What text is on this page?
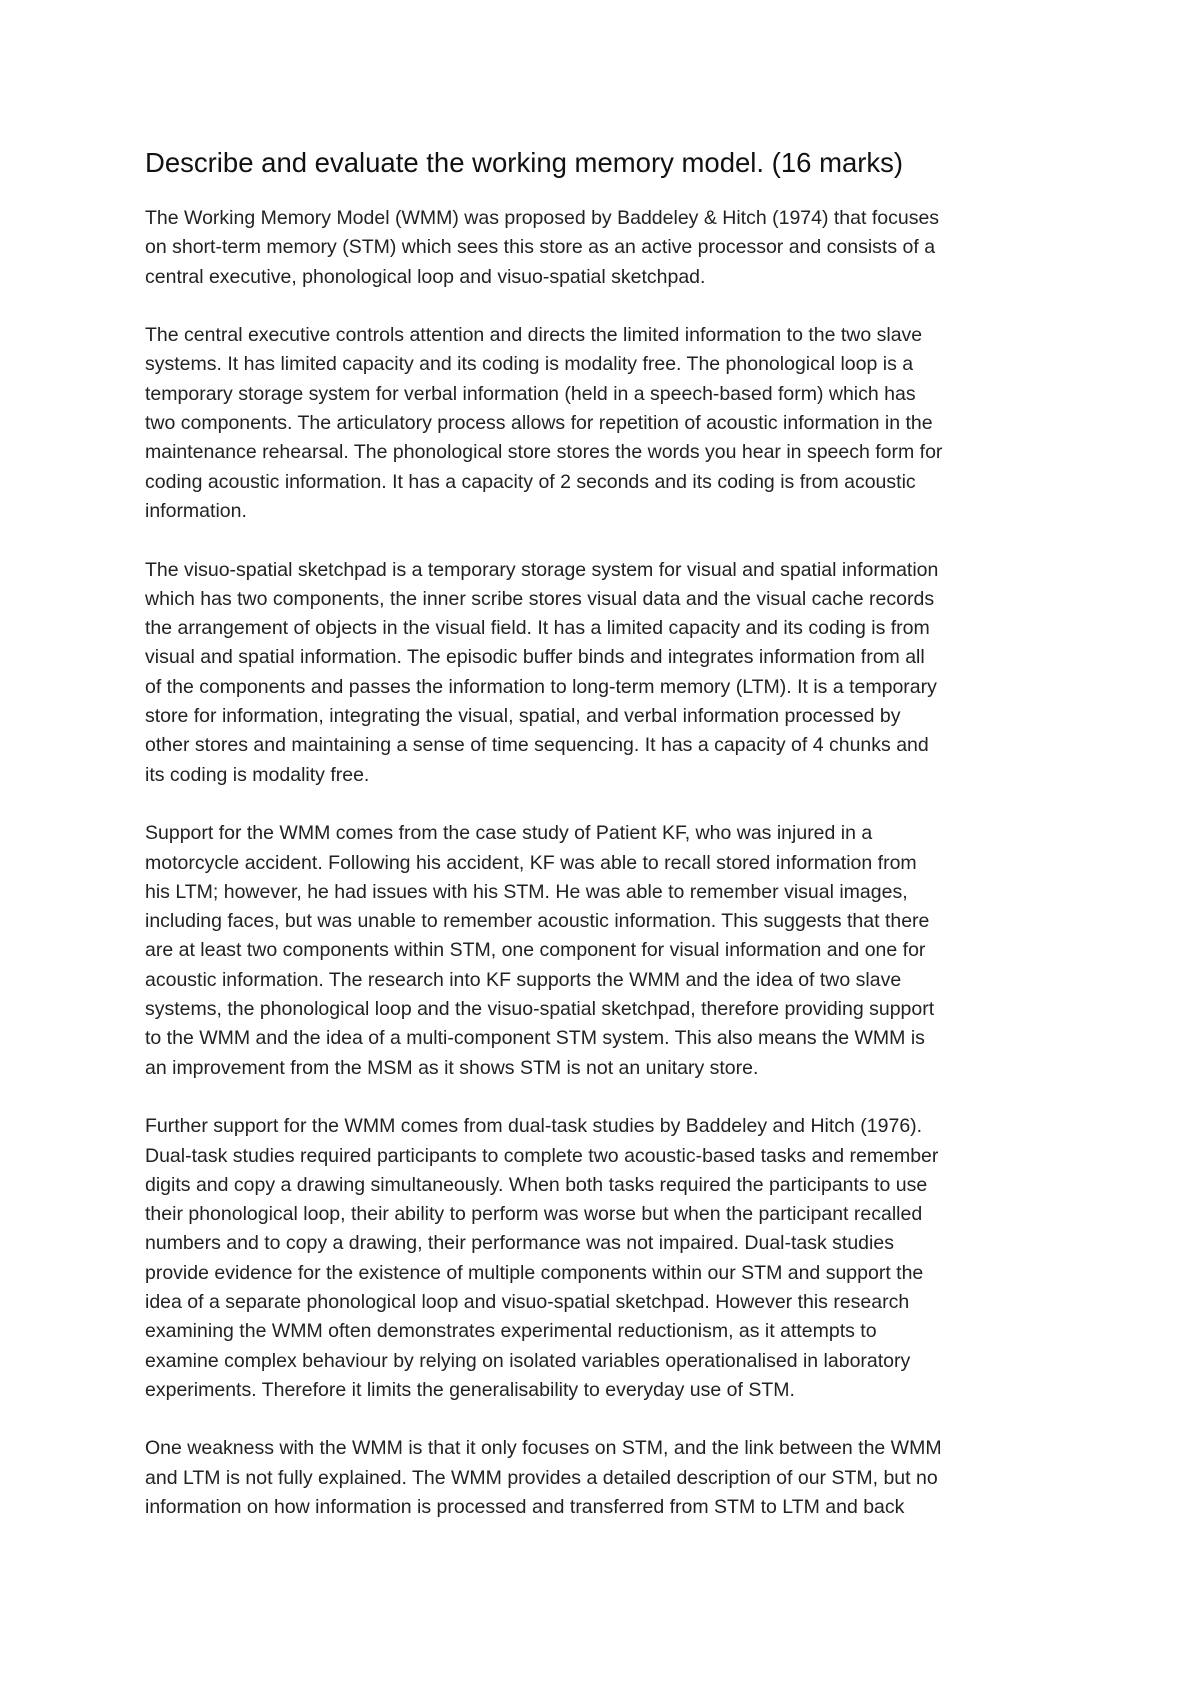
Describe and evaluate the working memory model. (16 marks)

The Working Memory Model (WMM) was proposed by Baddeley & Hitch (1974) that focuses
on short-term memory (STM) which sees this store as an active processor and consists of a
central executive, phonological loop and visuo-spatial sketchpad.

The central executive controls attention and directs the limited information to the two slave
systems. It has limited capacity and its coding is modality free. The phonological loop is a
temporary storage system for verbal information (held in a speech-based form) which has
two components. The articulatory process allows for repetition of acoustic information in the
maintenance rehearsal. The phonological store stores the words you hear in speech form for
coding acoustic information. It has a capacity of 2 seconds and its coding is from acoustic
information.

The visuo-spatial sketchpad is a temporary storage system for visual and spatial information
which has two components, the inner scribe stores visual data and the visual cache records
the arrangement of objects in the visual field. It has a limited capacity and its coding is from
visual and spatial information. The episodic buffer binds and integrates information from all
of the components and passes the information to long-term memory (LTM). It is a temporary
store for information, integrating the visual, spatial, and verbal information processed by
other stores and maintaining a sense of time sequencing. It has a capacity of 4 chunks and
its coding is modality free.

Support for the WMM comes from the case study of Patient KF, who was injured in a
motorcycle accident. Following his accident, KF was able to recall stored information from
his LTM; however, he had issues with his STM. He was able to remember visual images,
including faces, but was unable to remember acoustic information. This suggests that there
are at least two components within STM, one component for visual information and one for
acoustic information. The research into KF supports the WMM and the idea of two slave
systems, the phonological loop and the visuo-spatial sketchpad, therefore providing support
to the WMM and the idea of a multi-component STM system. This also means the WMM is
an improvement from the MSM as it shows STM is not an unitary store.

Further support for the WMM comes from dual-task studies by Baddeley and Hitch (1976).
Dual-task studies required participants to complete two acoustic-based tasks and remember
digits and copy a drawing simultaneously. When both tasks required the participants to use
their phonological loop, their ability to perform was worse but when the participant recalled
numbers and to copy a drawing, their performance was not impaired. Dual-task studies
provide evidence for the existence of multiple components within our STM and support the
idea of a separate phonological loop and visuo-spatial sketchpad. However this research
examining the WMM often demonstrates experimental reductionism, as it attempts to
examine complex behaviour by relying on isolated variables operationalised in laboratory
experiments. Therefore it limits the generalisability to everyday use of STM.

One weakness with the WMM is that it only focuses on STM, and the link between the WMM
and LTM is not fully explained. The WMM provides a detailed description of our STM, but no
information on how information is processed and transferred from STM to LTM and back
